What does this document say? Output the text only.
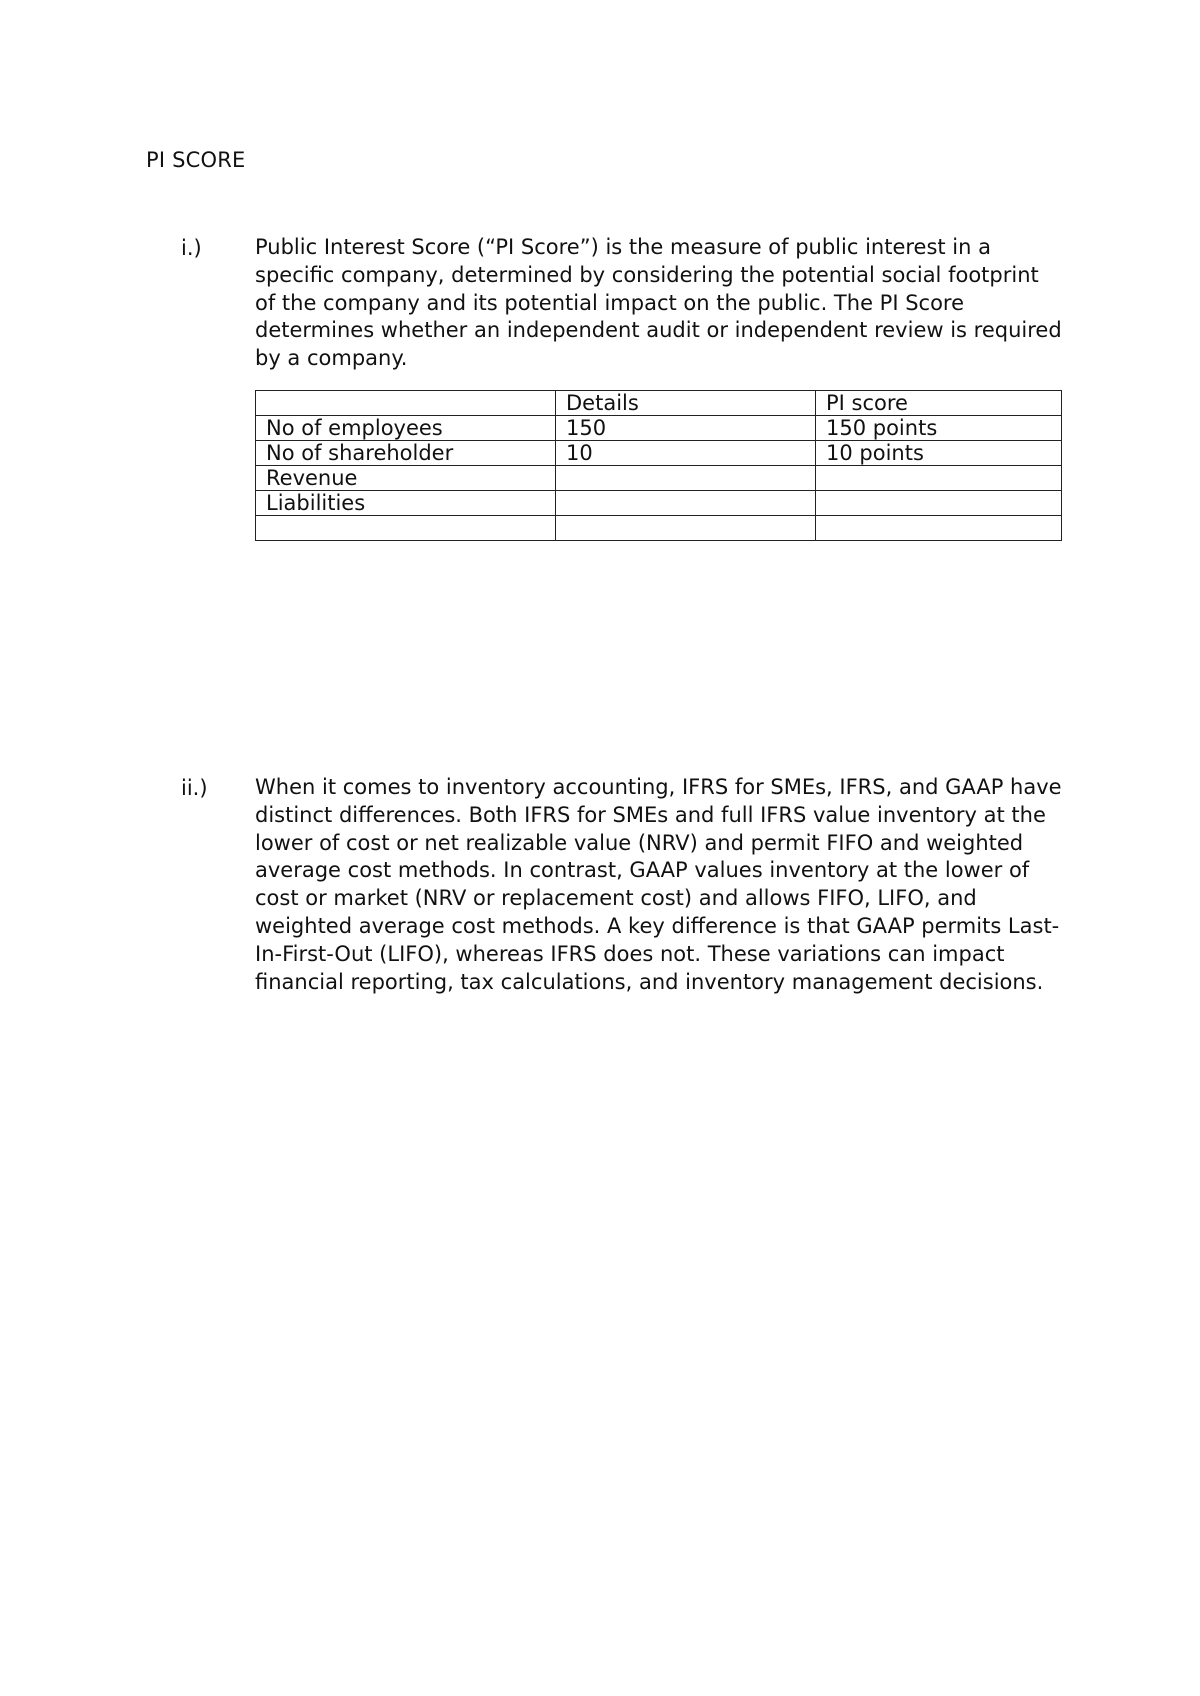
PI SCORE
i.)	Public Interest Score (“PI Score”) is the measure of public interest in a specific company, determined by considering the potential social footprint of the company and its potential impact on the public. The PI Score determines whether an independent audit or independent review is required by a company.

	Details	PI score
No of employees	150	150 points
No of shareholder	10	10 points
Revenue		
Liabilities		

ii.) When it comes to inventory accounting, IFRS for SMEs, IFRS, and GAAP have distinct differences. Both IFRS for SMEs and full IFRS value inventory at the lower of cost or net realizable value (NRV) and permit FIFO and weighted average cost methods. In contrast, GAAP values inventory at the lower of cost or market (NRV or replacement cost) and allows FIFO, LIFO, and weighted average cost methods. A key difference is that GAAP permits Last-In-First-Out (LIFO), whereas IFRS does not. These variations can impact financial reporting, tax calculations, and inventory management decisions.
